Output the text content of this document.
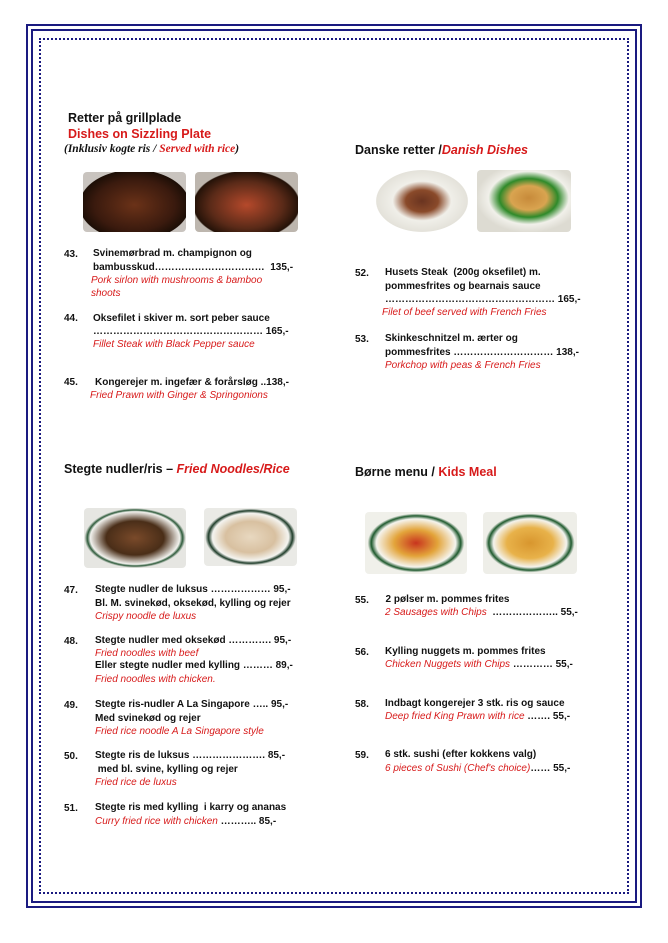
Retter på grillplade
Dishes on Sizzling Plate
(Inklusiv kogte ris / Served with rice)
43. Svinemørbrad m. champignon og
bambusskud……………………………  135,-
Pork sirlon with mushrooms & bamboo
shoots
44. Oksefilet i skiver m. sort peber sauce
…………………………………………… 165,-
Fillet Steak with Black Pepper sauce
45. Kongerejer m. ingefær & forårsløg ..138,-
Fried Prawn with Ginger & Springonions
Stegte nudler/ris – Fried Noodles/Rice
47. Stegte nudler de luksus ……………… 95,-
Bl. M. svinekød, oksekød, kylling og rejer
Crispy noodle de luxus
48. Stegte nudler med oksekød …………. 95,-
Fried noodles with beef
Eller stegte nudler med kylling ……… 89,-
Fried noodles with chicken.
49. Stegte ris-nudler A La Singapore ….. 95,-
Med svinekød og rejer
Fried rice noodle A La Singapore style
50. Stegte ris de luksus …………………. 85,-
med bl. svine, kylling og rejer
Fried rice de luxus
51. Stegte ris med kylling  i karry og ananas
Curry fried rice with chicken ……….. 85,-
Danske retter /Danish Dishes
52. Husets Steak  (200g oksefilet) m.
pommesfrites og bearnais sauce
…………………………………………… 165,-
Filet of beef served with French Fries
53. Skinkeschnitzel m. ærter og
pommesfrites ………………………… 138,-
Porkchop with peas & French Fries
Børne menu / Kids Meal
55. 2 pølser m. pommes frites
2 Sausages with Chips  ……………….. 55,-
56. Kylling nuggets m. pommes frites
Chicken Nuggets with Chips ………… 55,-
58. Indbagt kongerejer 3 stk. ris og sauce
Deep fried King Prawn with rice ……. 55,-
59. 6 stk. sushi (efter kokkens valg)
6 pieces of Sushi (Chef's choice)…… 55,-
